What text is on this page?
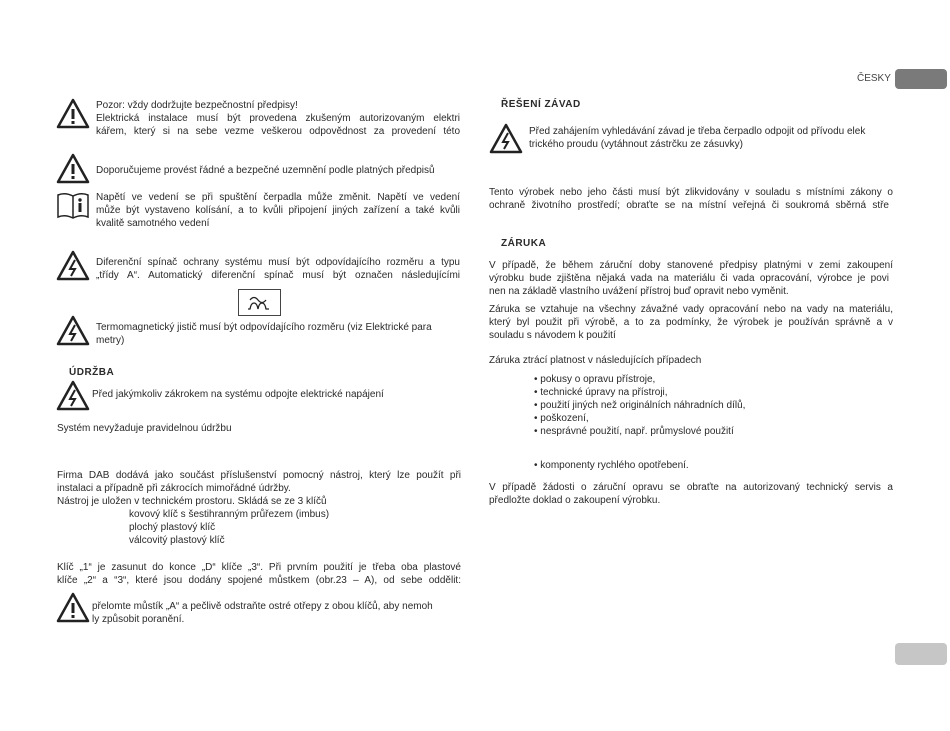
ČESKY
Pozor: vždy dodržujte bezpečnostní předpisy!
Elektrická instalace musí být provedena zkušeným autorizovaným elektri
kářem, který si na sebe vezme veškerou odpovědnost za provedení této
Doporučujeme provést řádné a bezpečné uzemnění podle platných předpisů
Napětí ve vedení se při spuštění čerpadla může změnit. Napětí ve vedení
může být vystaveno kolísání, a to kvůli připojení jiných zařízení a také kvůli
kvalitě samotného vedení
Diferenční spínač ochrany systému musí být odpovídajícího rozměru a typu
„třídy A“. Automatický diferenční spínač musí být označen následujícími
Termomagnetický jistič musí být odpovídajícího rozměru (viz Elektrické para
metry)
ÚDRŽBA
Před jakýmkoliv zákrokem na systému odpojte elektrické napájení
Systém nevyžaduje pravidelnou údržbu
Firma DAB dodává jako součást příslušenství pomocný nástroj, který lze použít při
instalaci a případně při zákrocích mimořádné údržby.
Nástroj je uložen v technickém prostoru. Skládá se ze 3 klíčů
kovový klíč s šestihranným průřezem (imbus)
plochý plastový klíč
válcovitý plastový klíč
Klíč „1“ je zasunut do konce „D“ klíče „3“. Při prvním použití je třeba oba plastové
klíče „2“ a “3“, které jsou dodány spojené můstkem (obr.23 – A), od sebe oddělit:
přelomte můstík „A“ a pečlivě odstraňte ostré otřepy z obou klíčů, aby nemoh
ly způsobit poranění.
ŘEŠENÍ ZÁVAD
Před zahájením vyhledávání závad je třeba čerpadlo odpojit od přívodu elek
trického proudu (vytáhnout zástrčku ze zásuvky)
Tento výrobek nebo jeho části musí být zlikvidovány v souladu s místními zákony o
ochraně životního prostředí; obraťte se na místní veřejná či soukromá sběrná stře
ZÁRUKA
V případě, že během záruční doby stanovené předpisy platnými v zemi zakoupení
výrobku bude zjištěna nějaká vada na materiálu či vada opracování, výrobce je povi
nen na základě vlastního uvážení přístroj buď opravit nebo vyměnit.
Záruka se vztahuje na všechny závažné vady opracování nebo na vady na materiálu,
který byl použit při výrobě, a to za podmínky, že výrobek je používán správně a v
souladu s návodem k použití
Záruka ztrácí platnost v následujících případech
• pokusy o opravu přístroje,
• technické úpravy na přístroji,
• použití jiných než originálních náhradních dílů,
• poškození,
• nesprávné použití, např. průmyslové použití
• komponenty rychlého opotřebení.
V případě žádosti o záruční opravu se obraťte na autorizovaný technický servis a
předložte doklad o zakoupení výrobku.
